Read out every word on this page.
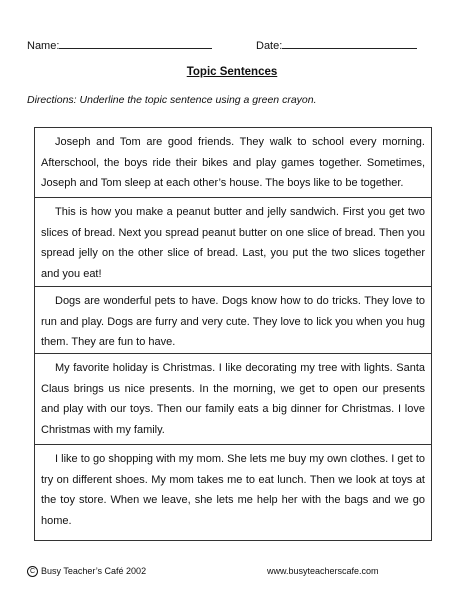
Name:	Date:
Topic Sentences
Directions: Underline the topic sentence using a green crayon.
Joseph and Tom are good friends. They walk to school every morning. Afterschool, the boys ride their bikes and play games together. Sometimes, Joseph and Tom sleep at each other’s house. The boys like to be together.
This is how you make a peanut butter and jelly sandwich. First you get two slices of bread. Next you spread peanut butter on one slice of bread. Then you spread jelly on the other slice of bread. Last, you put the two slices together and you eat!
Dogs are wonderful pets to have. Dogs know how to do tricks. They love to run and play. Dogs are furry and very cute. They love to lick you when you hug them. They are fun to have.
My favorite holiday is Christmas. I like decorating my tree with lights. Santa Claus brings us nice presents. In the morning, we get to open our presents and play with our toys. Then our family eats a big dinner for Christmas. I love Christmas with my family.
I like to go shopping with my mom. She lets me buy my own clothes. I get to try on different shoes. My mom takes me to eat lunch. Then we look at toys at the toy store. When we leave, she lets me help her with the bags and we go home.
C Busy Teacher’s Café 2002	www.busyteacherscafe.com
